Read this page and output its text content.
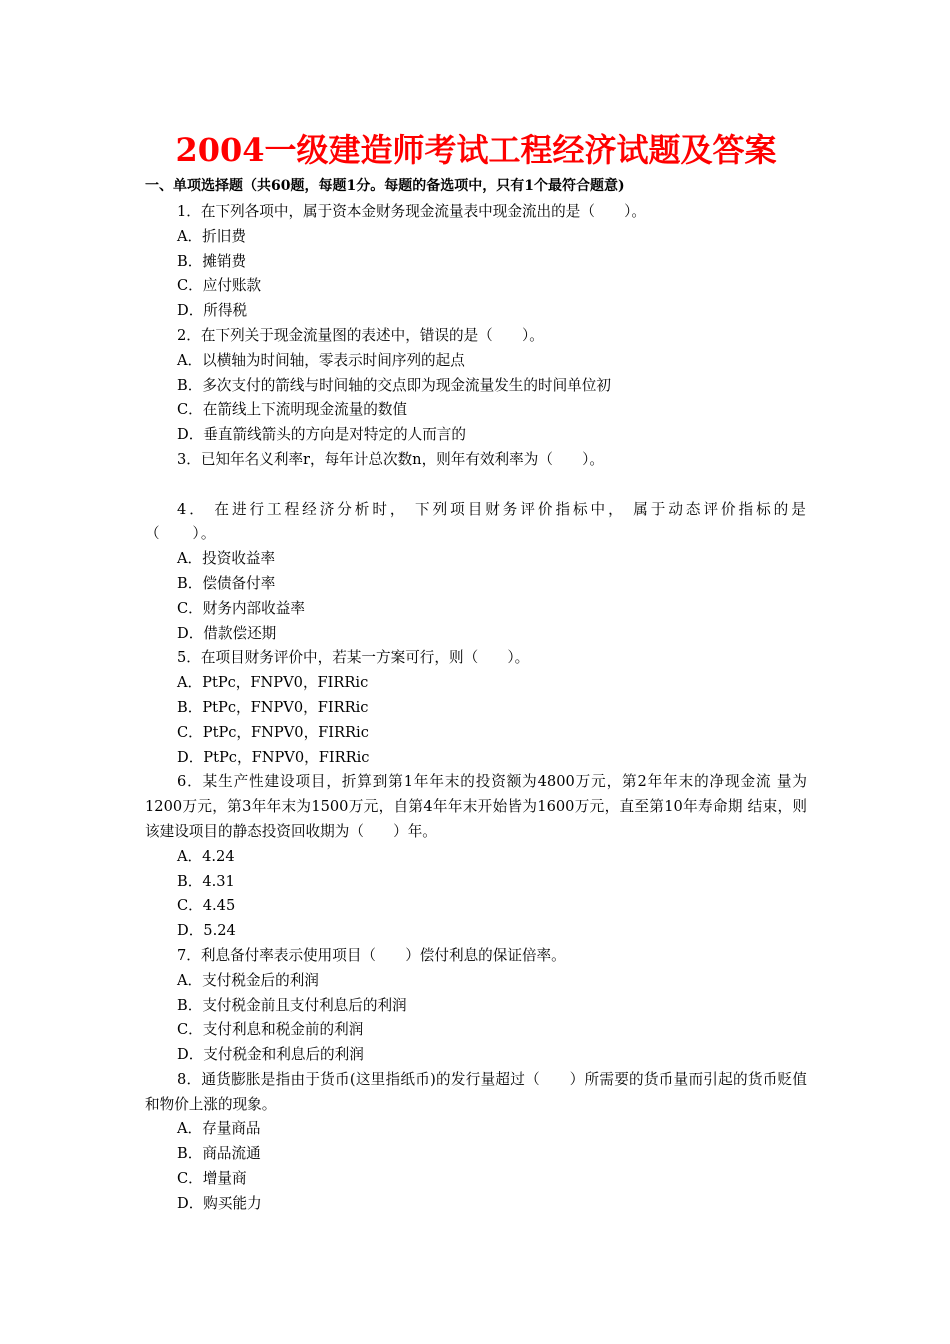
2004一级建造师考试工程经济试题及答案
一、单项选择题（共60题，每题1分。每题的备选项中，只有1个最符合题意)

1．在下列各项中，属于资本金财务现金流量表中现金流出的是（　　）。

A．折旧费

B．摊销费

C．应付账款

D．所得税

2．在下列关于现金流量图的表述中，错误的是（　　）。

A．以横轴为时间轴，零表示时间序列的起点

B．多次支付的箭线与时间轴的交点即为现金流量发生的时间单位初

C．在箭线上下流明现金流量的数值

D．垂直箭线箭头的方向是对特定的人而言的

3．已知年名义利率r，每年计总次数n，则年有效利率为（　　）。

4． 在进行工程经济分析时， 下列项目财务评价指标中， 属于动态评价指标的是（　　）。

A．投资收益率

B．偿债备付率

C．财务内部收益率

D．借款偿还期

5．在项目财务评价中，若某一方案可行，则（　　）。

A．PtPc，FNPV0，FIRRic

B．PtPc，FNPV0，FIRRic

C．PtPc，FNPV0，FIRRic

D．PtPc，FNPV0，FIRRic

6．某生产性建设项目，折算到第1年年末的投资额为4800万元，第2年年末的净现金流 量为1200万元，第3年年末为1500万元，自第4年年末开始皆为1600万元，直至第10年寿命期 结束，则该建设项目的静态投资回收期为（　　）年。

A．4.24

B．4.31

C．4.45

D．5.24

7．利息备付率表示使用项目（　　）偿付利息的保证倍率。

A．支付税金后的利润

B．支付税金前且支付利息后的利润

C．支付利息和税金前的利润

D．支付税金和利息后的利润

8．通货膨胀是指由于货币(这里指纸币)的发行量超过（　　）所需要的货币量而引起的货币贬值和物价上涨的现象。

A．存量商品

B．商品流通

C．增量商

D．购买能力
